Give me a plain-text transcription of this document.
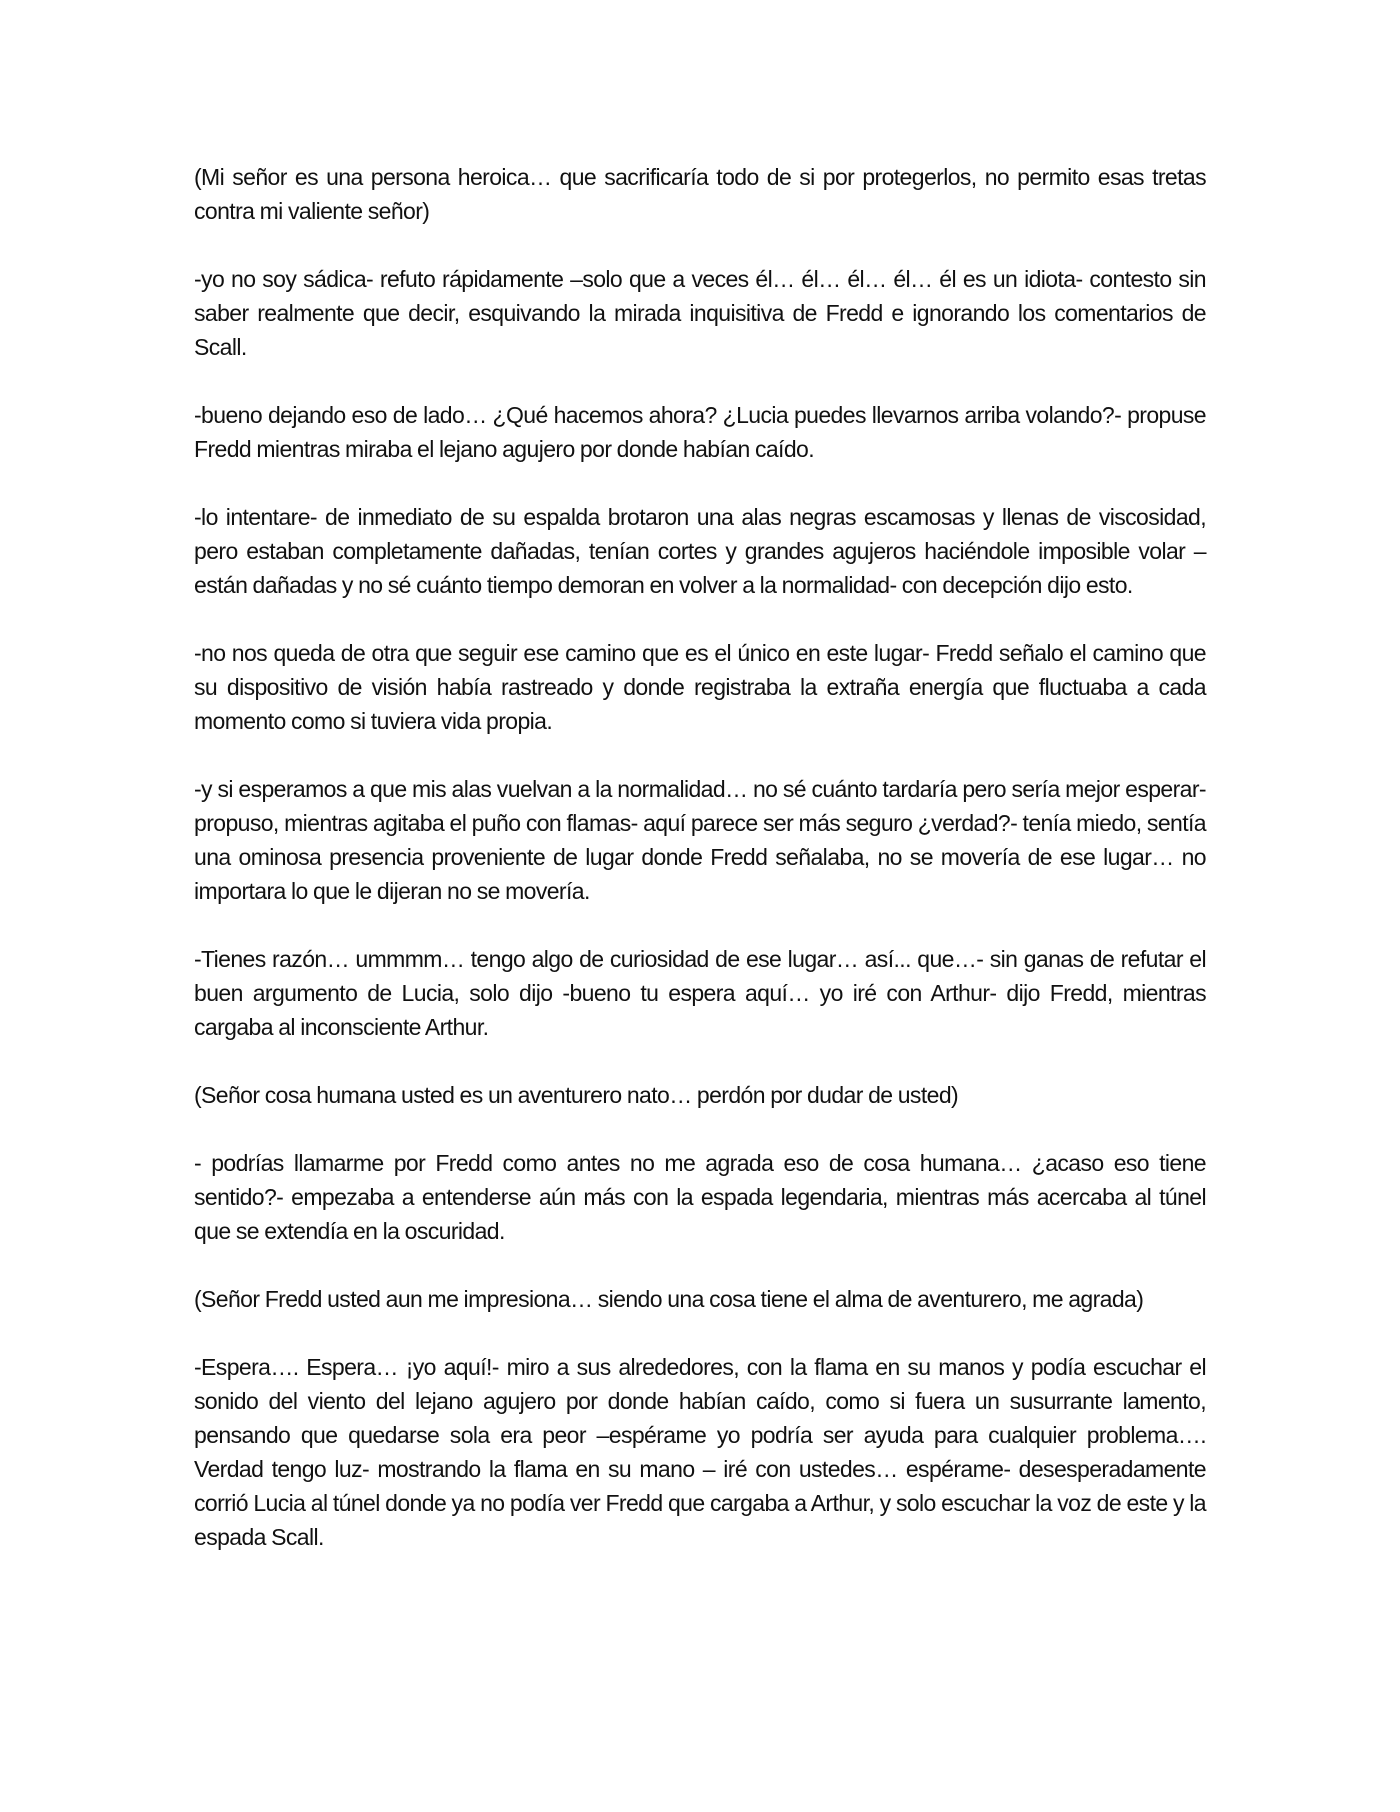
(Mi señor es una persona heroica… que sacrificaría todo de si por protegerlos, no permito esas tretas contra mi valiente señor)

-yo no soy sádica- refuto rápidamente –solo que a veces él… él… él… él… él es un idiota- contesto sin saber realmente que decir, esquivando la mirada inquisitiva de Fredd e ignorando los comentarios de Scall.

-bueno dejando eso de lado… ¿Qué hacemos ahora? ¿Lucia puedes llevarnos arriba volando?- propuse Fredd mientras miraba el lejano agujero por donde habían caído.

-lo intentare- de inmediato de su espalda brotaron una alas negras escamosas y llenas de viscosidad, pero estaban completamente dañadas, tenían cortes y grandes agujeros haciéndole imposible volar –están dañadas y no sé cuánto tiempo demoran en volver a la normalidad- con decepción dijo esto.

-no nos queda de otra que seguir ese camino que es el único en este lugar- Fredd señalo el camino que su dispositivo de visión había rastreado y donde registraba la extraña energía que fluctuaba a cada momento como si tuviera vida propia.

-y si esperamos a que mis alas vuelvan a la normalidad… no sé cuánto tardaría pero sería mejor esperar- propuso, mientras agitaba el puño con flamas- aquí parece ser más seguro ¿verdad?- tenía miedo, sentía una ominosa presencia proveniente de lugar donde Fredd señalaba, no se movería de ese lugar… no importara lo que le dijeran no se movería.

-Tienes razón… ummmm… tengo algo de curiosidad de ese lugar… así... que…- sin ganas de refutar el buen argumento de Lucia, solo dijo -bueno tu espera aquí… yo iré con Arthur- dijo Fredd, mientras cargaba al inconsciente Arthur.

(Señor cosa humana usted es un aventurero nato… perdón por dudar de usted)

- podrías llamarme por Fredd como antes no me agrada eso de cosa humana… ¿acaso eso tiene sentido?- empezaba a entenderse aún más con la espada legendaria, mientras más acercaba al túnel que se extendía en la oscuridad.

(Señor Fredd usted aun me impresiona… siendo una cosa tiene el alma de aventurero, me agrada)

-Espera…. Espera… ¡yo aquí!- miro a sus alrededores, con la flama en su manos y podía escuchar el sonido del viento del lejano agujero por donde habían caído, como si fuera un susurrante lamento, pensando que quedarse sola era peor –espérame yo podría ser ayuda para cualquier problema…. Verdad tengo luz- mostrando la flama en su mano – iré con ustedes… espérame- desesperadamente corrió Lucia al túnel donde ya no podía ver Fredd que cargaba a Arthur, y solo escuchar la voz de este y la espada Scall.
